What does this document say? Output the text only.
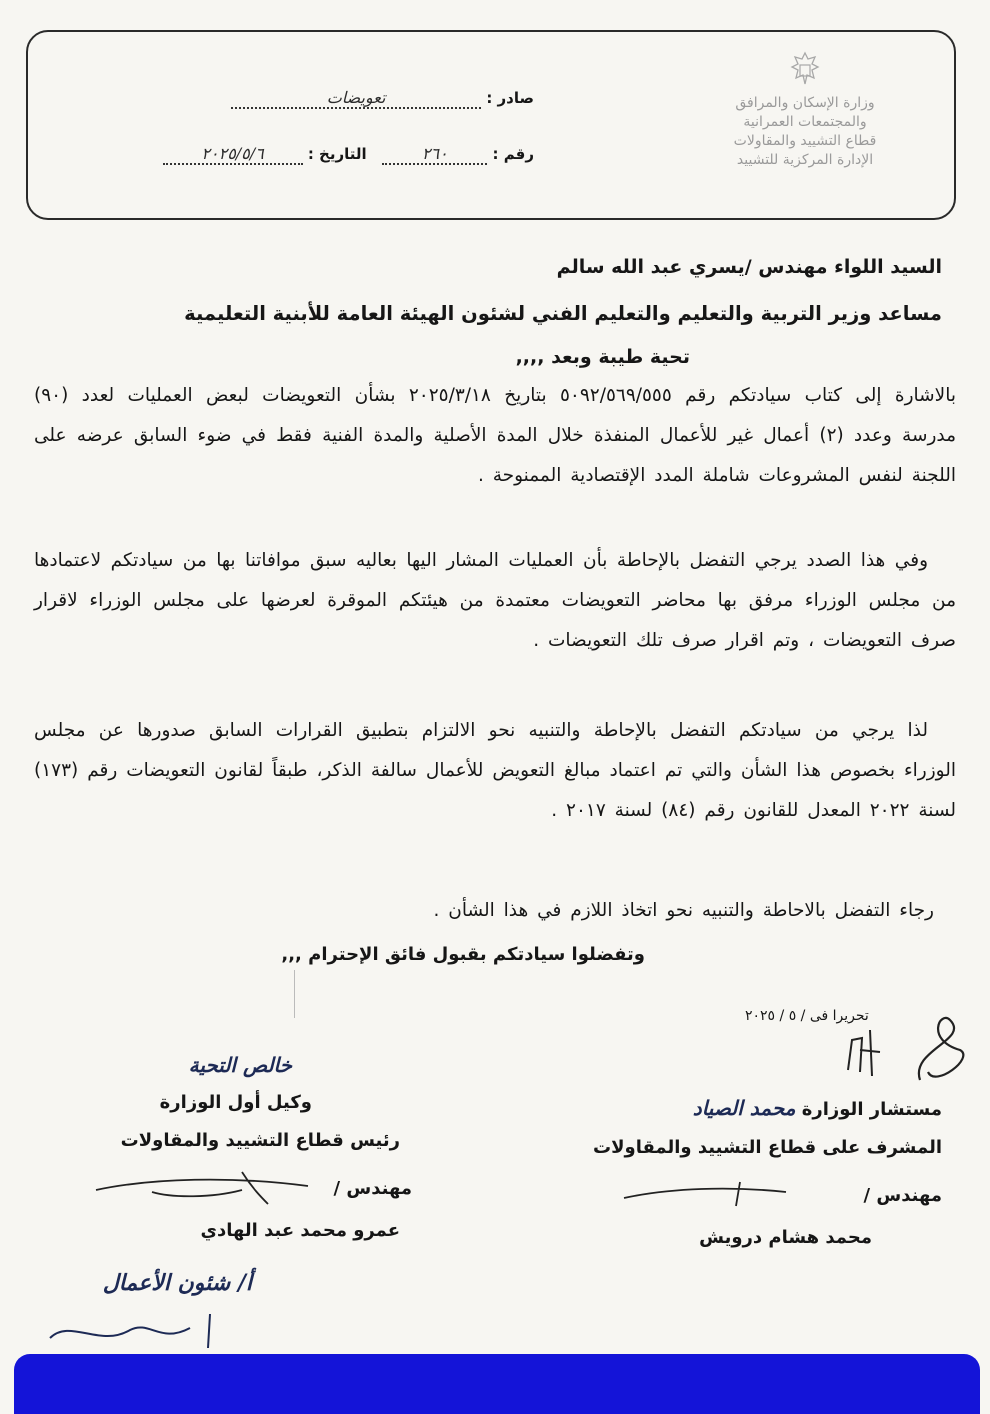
وزارة الإسكان والمرافق
والمجتمعات العمرانية
قطاع التشييد والمقاولات
الإدارة المركزية للتشييد
صادر : تعويضات
رقم : ٢٦٠   التاريخ : ٢٠٢٥/٥/٦
السيد اللواء مهندس /يسري عبد الله سالم
مساعد وزير التربية والتعليم والتعليم الفني لشئون الهيئة العامة للأبنية التعليمية
تحية طيبة وبعد ,,,,
بالاشارة إلى كتاب سيادتكم رقم ٥٠٩٢/٥٦٩/٥٥٥ بتاريخ ٢٠٢٥/٣/١٨ بشأن التعويضات لبعض العمليات لعدد (٩٠) مدرسة وعدد (٢) أعمال غير للأعمال المنفذة خلال المدة الأصلية والمدة الفنية فقط في ضوء السابق عرضه على اللجنة لنفس المشروعات شاملة المدد الإقتصادية الممنوحة .
وفي هذا الصدد يرجي التفضل بالإحاطة بأن العمليات المشار اليها بعاليه سبق موافاتنا بها من سيادتكم لاعتمادها من مجلس الوزراء مرفق بها محاضر التعويضات معتمدة من هيئتكم الموقرة لعرضها على مجلس الوزراء لاقرار صرف التعويضات ، وتم اقرار صرف تلك التعويضات .
لذا يرجي من سيادتكم التفضل بالإحاطة والتنبيه نحو الالتزام بتطبيق القرارات السابق صدورها عن مجلس الوزراء بخصوص هذا الشأن والتي تم اعتماد مبالغ التعويض للأعمال سالفة الذكر، طبقاً لقانون التعويضات رقم (١٧٣) لسنة ٢٠٢٢ المعدل للقانون رقم (٨٤) لسنة ٢٠١٧ .
رجاء التفضل بالاحاطة والتنبيه نحو اتخاذ اللازم في هذا الشأن .
وتفضلوا سيادتكم بقبول فائق الإحترام ,,,
تحريرا فى / ٥ / ٢٠٢٥
مستشار الوزارة محمد الصياد
المشرف على قطاع التشييد والمقاولات
مهندس /
محمد هشام درويش
خالص التحية
وكيل أول الوزارة
رئيس قطاع التشييد والمقاولات
مهندس /
عمرو محمد عبد الهادي
أ/ شئون الأعمال
